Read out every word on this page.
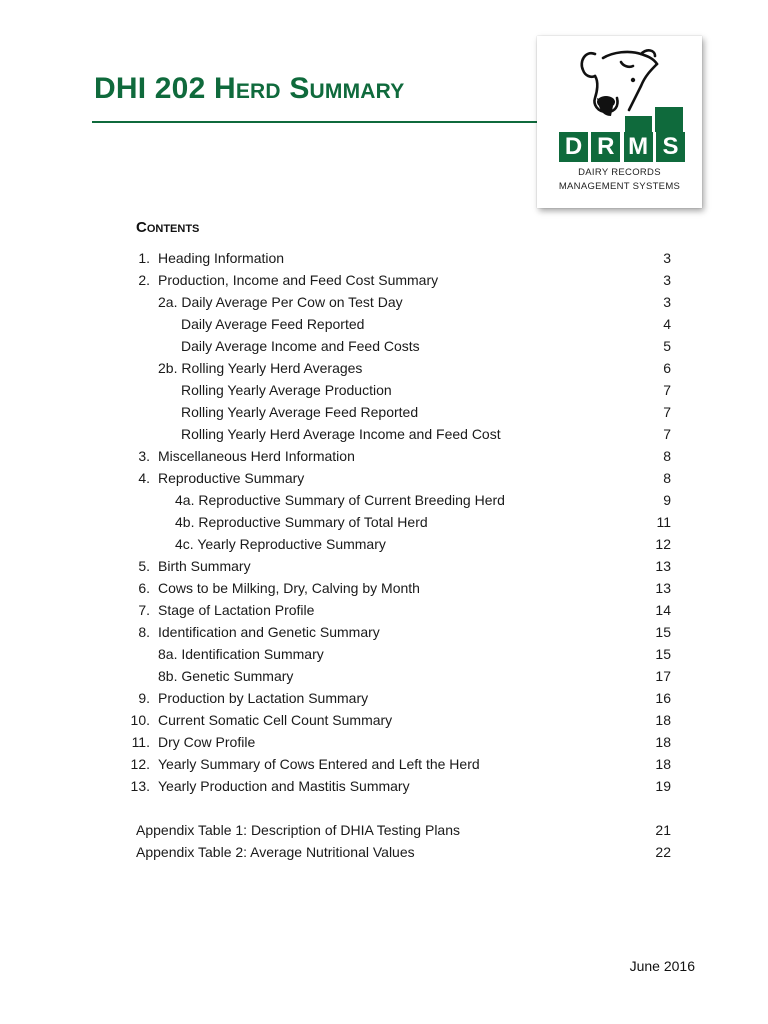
DHI 202 Herd Summary
D R M S
DAIRY RECORDS
MANAGEMENT SYSTEMS
Contents
1. Heading Information	3
2. Production, Income and Feed Cost Summary	3
2a. Daily Average Per Cow on Test Day	3
Daily Average Feed Reported	4
Daily Average Income and Feed Costs	5
2b. Rolling Yearly Herd Averages	6
Rolling Yearly Average Production	7
Rolling Yearly Average Feed Reported	7
Rolling Yearly Herd Average Income and Feed Cost	7
3. Miscellaneous Herd Information	8
4. Reproductive Summary	8
4a. Reproductive Summary of Current Breeding Herd	9
4b. Reproductive Summary of Total Herd	11
4c. Yearly Reproductive Summary	12
5. Birth Summary	13
6. Cows to be Milking, Dry, Calving by Month	13
7. Stage of Lactation Profile	14
8. Identification and Genetic Summary	15
8a. Identification Summary	15
8b. Genetic Summary	17
9. Production by Lactation Summary	16
10. Current Somatic Cell Count Summary	18
11. Dry Cow Profile	18
12. Yearly Summary of Cows Entered and Left the Herd	18
13. Yearly Production and Mastitis Summary	19
Appendix Table 1: Description of DHIA Testing Plans	21
Appendix Table 2: Average Nutritional Values	22
June 2016
